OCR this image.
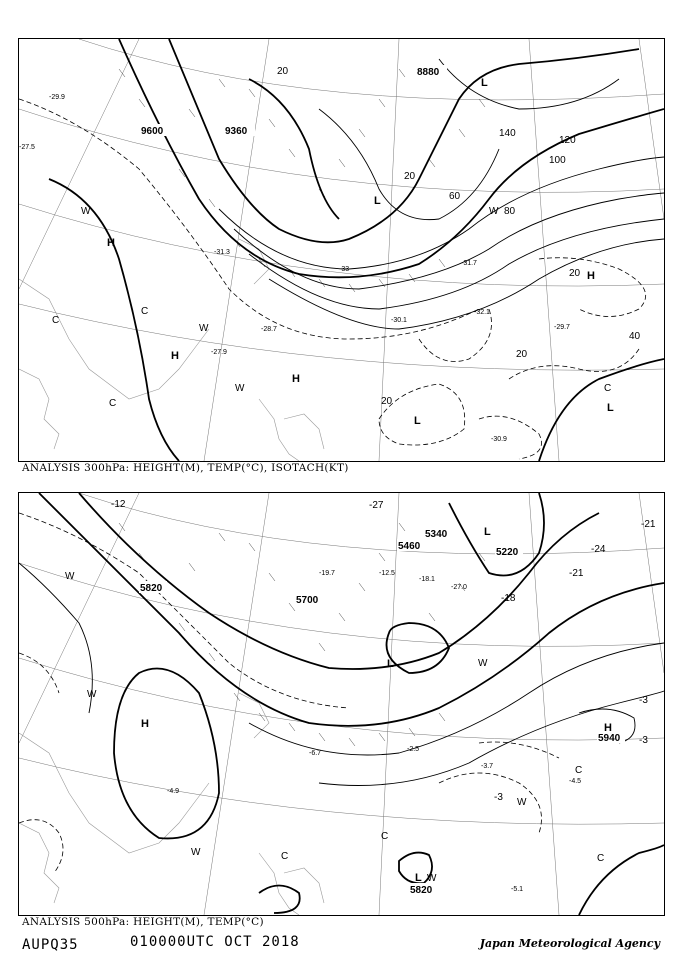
9600	9360
8880
20
20
20
20
20
40
60
80
100
120
140
H
H
H
H
L
L
L
L
C
C
C
C
W
W
W
W
-27.5
-29.9
-31.3
-33
-32.1
-29.7
-30.9
-30.1
-28.7
-27.9
-31.7
ANALYSIS 300hPa: HEIGHT(M), TEMP(°C), ISOTACH(KT)
5820
5700
5460
5340
5220
5940
5820
-3
-3
-3
-21
-21
-24
-18
-27
-12
H	H
L
L
L
C
C
C
C
W
W
W
W
W
W
-4.5
-5.1
-3.7
-18.1
-27.0
-12.5
-4.9
-2.5
-6.7
-19.7
ANALYSIS 500hPa: HEIGHT(M), TEMP(°C)
AUPQ35	010000UTC OCT 2018	Japan Meteorological Agency
